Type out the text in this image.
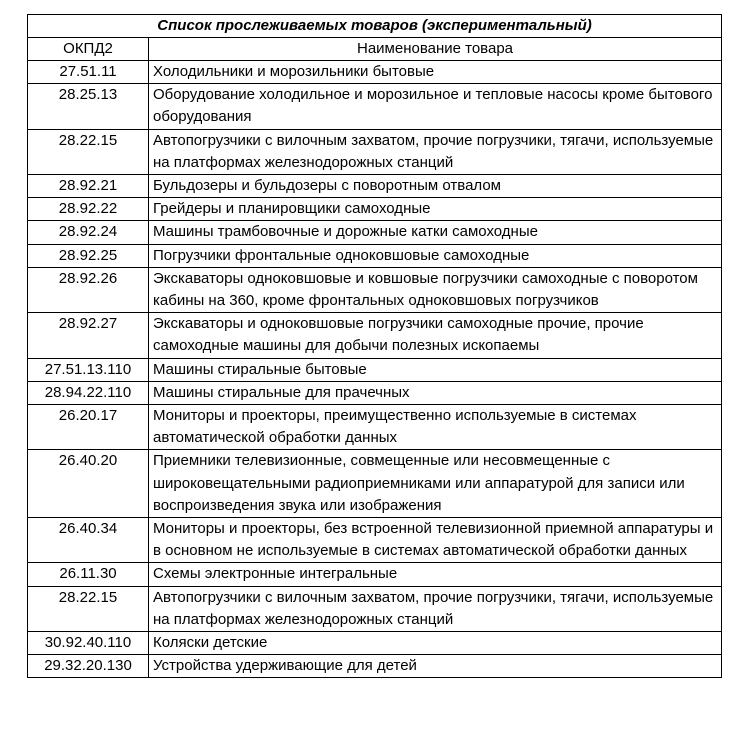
Список прослеживаемых товаров (экспериментальный)	
ОКПД2	Наименование товара
27.51.11	Холодильники и морозильники бытовые
28.25.13	Оборудование холодильное и морозильное и тепловые насосы кроме бытового оборудования
28.22.15	Автопогрузчики с вилочным захватом, прочие погрузчики, тягачи, используемые на платформах железнодорожных станций
28.92.21	Бульдозеры и бульдозеры с поворотным отвалом
28.92.22	Грейдеры и планировщики самоходные
28.92.24	Машины трамбовочные и дорожные катки самоходные
28.92.25	Погрузчики фронтальные одноковшовые самоходные
28.92.26	Экскаваторы одноковшовые и ковшовые погрузчики самоходные с поворотом кабины на 360, кроме фронтальных одноковшовых погрузчиков
28.92.27	Экскаваторы и одноковшовые погрузчики самоходные прочие, прочие самоходные машины для добычи полезных ископаемы
27.51.13.110	Машины стиральные бытовые
28.94.22.110	Машины стиральные для прачечных
26.20.17	Мониторы и проекторы, преимущественно используемые в системах автоматической обработки данных
26.40.20	Приемники телевизионные, совмещенные или несовмещенные с широковещательными радиоприемниками или аппаратурой для записи или воспроизведения звука или изображения
26.40.34	Мониторы и проекторы, без встроенной телевизионной приемной аппаратуры и в основном не используемые в системах автоматической обработки данных
26.11.30	Схемы электронные интегральные
28.22.15	Автопогрузчики с вилочным захватом, прочие погрузчики, тягачи, используемые на платформах железнодорожных станций
30.92.40.110	Коляски детские
29.32.20.130	Устройства удерживающие для детей
